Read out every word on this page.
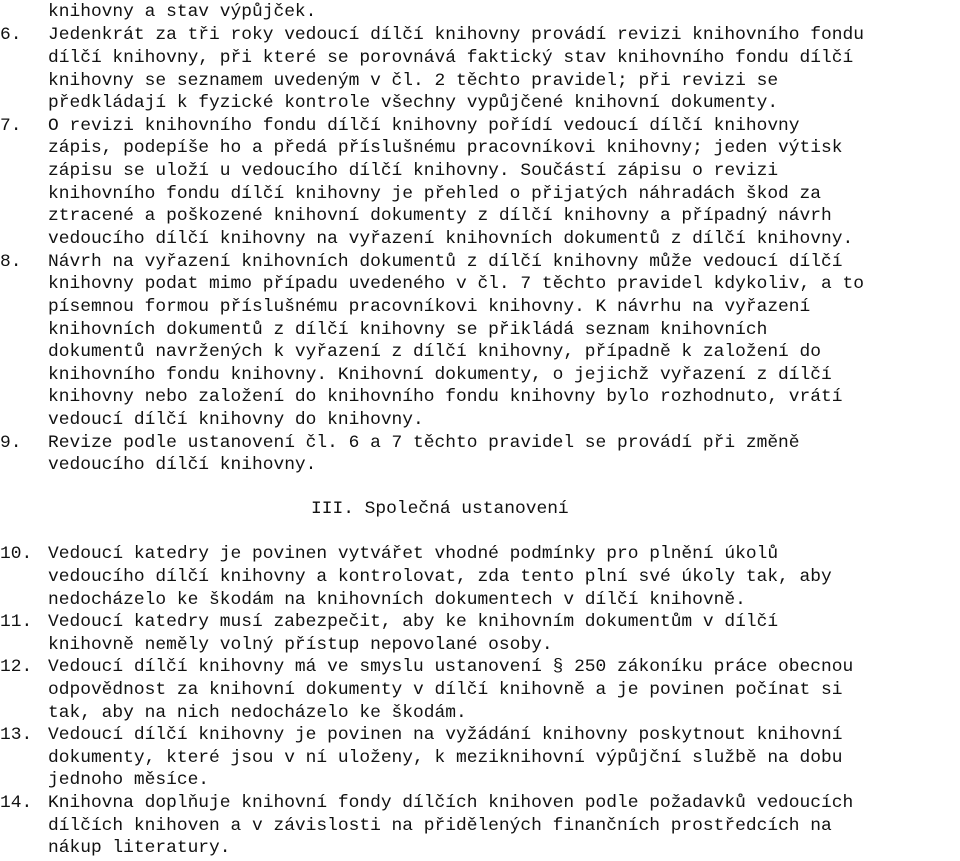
knihovny a stav výpůjček.
6. Jedenkrát za tři roky vedoucí dílčí knihovny provádí revizi knihovního fondu
dílčí knihovny, při které se porovnává faktický stav knihovního fondu dílčí
knihovny se seznamem uvedeným v čl. 2 těchto pravidel; při revizi se
předkládají k fyzické kontrole všechny vypůjčené knihovní dokumenty.
7. O revizi knihovního fondu dílčí knihovny pořídí vedoucí dílčí knihovny
zápis, podepíše ho a předá příslušnému pracovníkovi knihovny; jeden výtisk
zápisu se uloží u vedoucího dílčí knihovny. Součástí zápisu o revizi
knihovního fondu dílčí knihovny je přehled o přijatých náhradách škod za
ztracené a poškozené knihovní dokumenty z dílčí knihovny a případný návrh
vedoucího dílčí knihovny na vyřazení knihovních dokumentů z dílčí knihovny.
8. Návrh na vyřazení knihovních dokumentů z dílčí knihovny může vedoucí dílčí
knihovny podat mimo případu uvedeného v čl. 7 těchto pravidel kdykoliv, a to
písemnou formou příslušnému pracovníkovi knihovny. K návrhu na vyřazení
knihovních dokumentů z dílčí knihovny se přikládá seznam knihovních
dokumentů navržených k vyřazení z dílčí knihovny, případně k založení do
knihovního fondu knihovny. Knihovní dokumenty, o jejichž vyřazení z dílčí
knihovny nebo založení do knihovního fondu knihovny bylo rozhodnuto, vrátí
vedoucí dílčí knihovny do knihovny.
9. Revize podle ustanovení čl. 6 a 7 těchto pravidel se provádí při změně
vedoucího dílčí knihovny.
III. Společná ustanovení
10. Vedoucí katedry je povinen vytvářet vhodné podmínky pro plnění úkolů
vedoucího dílčí knihovny a kontrolovat, zda tento plní své úkoly tak, aby
nedocházelo ke škodám na knihovních dokumentech v dílčí knihovně.
11. Vedoucí katedry musí zabezpečit, aby ke knihovním dokumentům v dílčí
knihovně neměly volný přístup nepovolané osoby.
12. Vedoucí dílčí knihovny má ve smyslu ustanovení § 250 zákoníku práce obecnou
odpovědnost za knihovní dokumenty v dílčí knihovně a je povinen počínat si
tak, aby na nich nedocházelo ke škodám.
13. Vedoucí dílčí knihovny je povinen na vyžádání knihovny poskytnout knihovní
dokumenty, které jsou v ní uloženy, k meziknihovní výpůjční službě na dobu
jednoho měsíce.
14. Knihovna doplňuje knihovní fondy dílčích knihoven podle požadavků vedoucích
dílčích knihoven a v závislosti na přidělených finančních prostředcích na
nákup literatury.
